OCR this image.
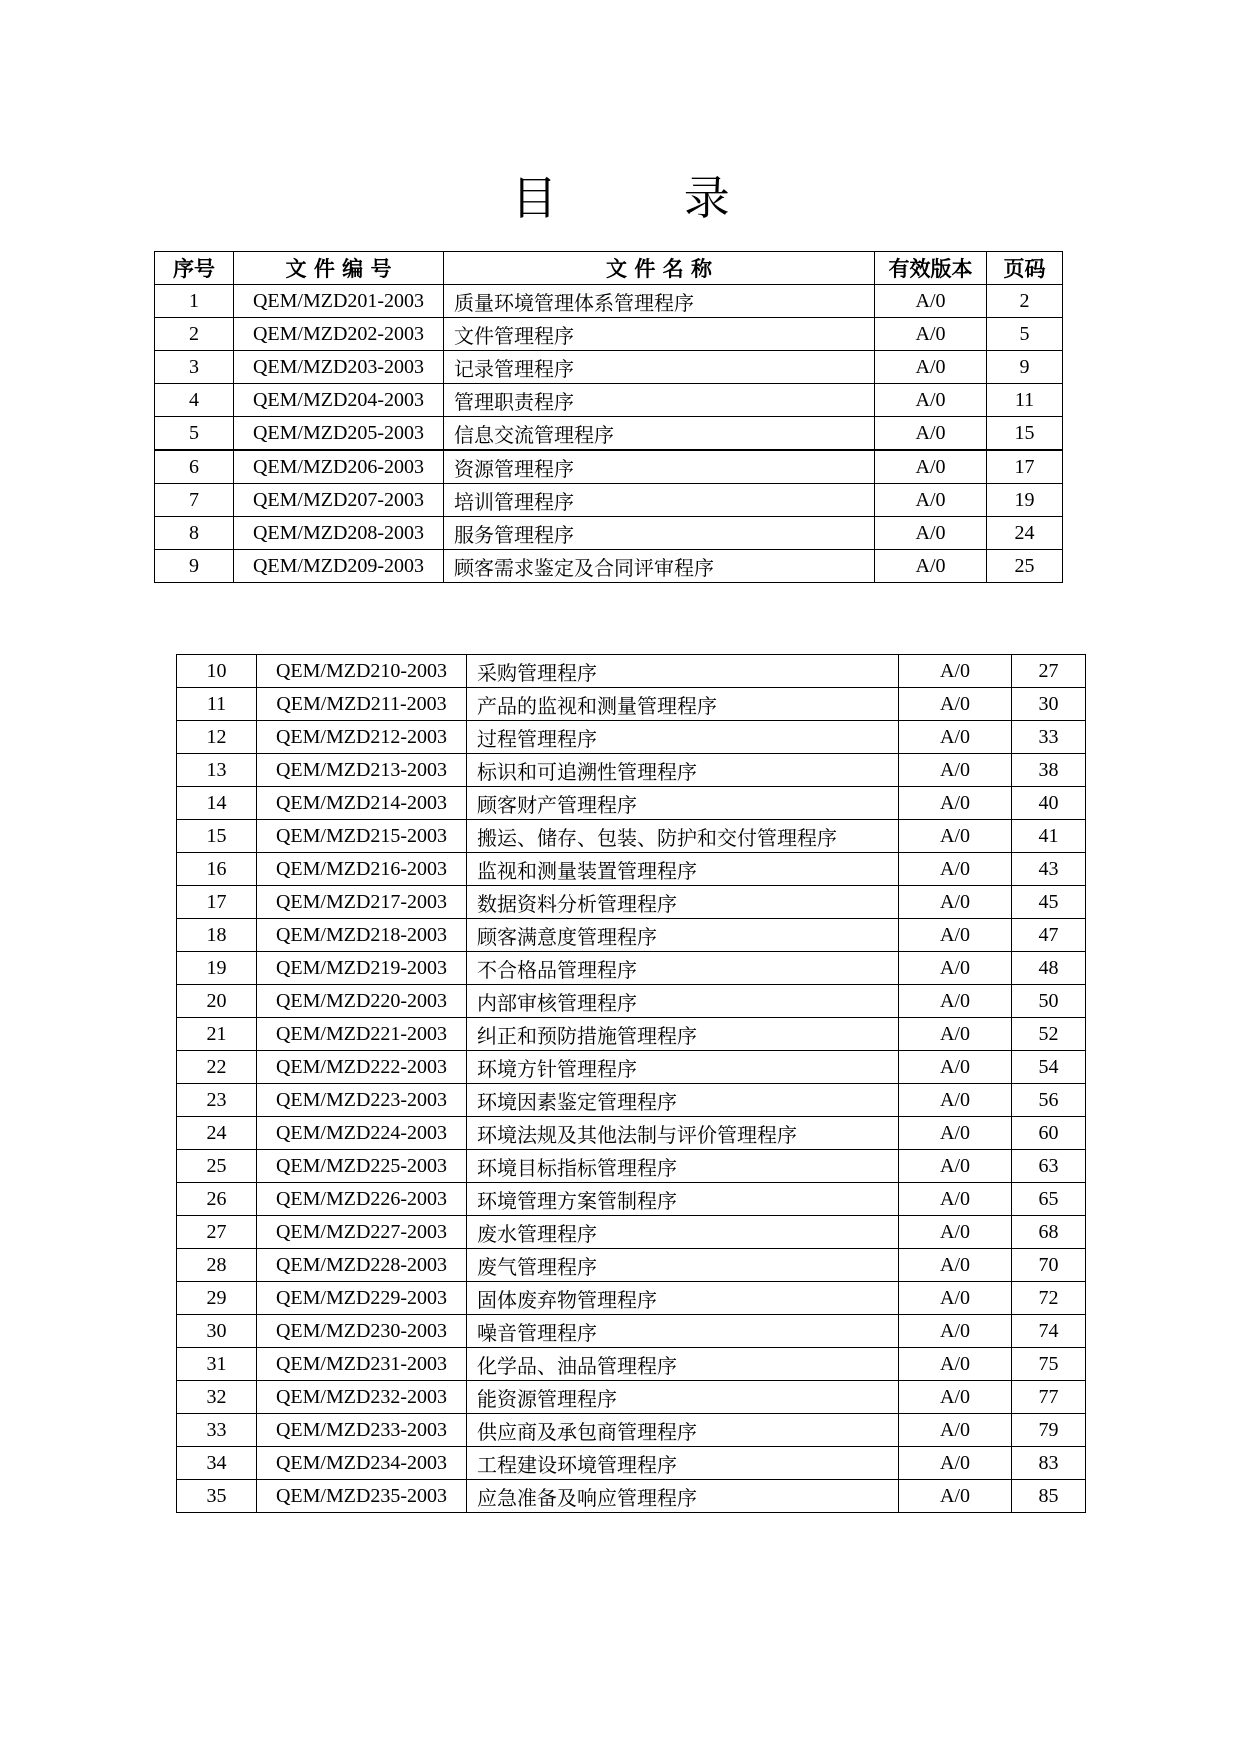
目 录
序号	文 件 编 号	文 件 名 称	有效版本	页码
1	QEM/MZD201-2003	质量环境管理体系管理程序	A/0	2
2	QEM/MZD202-2003	文件管理程序	A/0	5
3	QEM/MZD203-2003	记录管理程序	A/0	9
4	QEM/MZD204-2003	管理职责程序	A/0	11
5	QEM/MZD205-2003	信息交流管理程序	A/0	15
6	QEM/MZD206-2003	资源管理程序	A/0	17
7	QEM/MZD207-2003	培训管理程序	A/0	19
8	QEM/MZD208-2003	服务管理程序	A/0	24
9	QEM/MZD209-2003	顾客需求鉴定及合同评审程序	A/0	25
10	QEM/MZD210-2003	采购管理程序	A/0	27
11	QEM/MZD211-2003	产品的监视和测量管理程序	A/0	30
12	QEM/MZD212-2003	过程管理程序	A/0	33
13	QEM/MZD213-2003	标识和可追溯性管理程序	A/0	38
14	QEM/MZD214-2003	顾客财产管理程序	A/0	40
15	QEM/MZD215-2003	搬运、储存、包装、防护和交付管理程序	A/0	41
16	QEM/MZD216-2003	监视和测量装置管理程序	A/0	43
17	QEM/MZD217-2003	数据资料分析管理程序	A/0	45
18	QEM/MZD218-2003	顾客满意度管理程序	A/0	47
19	QEM/MZD219-2003	不合格品管理程序	A/0	48
20	QEM/MZD220-2003	内部审核管理程序	A/0	50
21	QEM/MZD221-2003	纠正和预防措施管理程序	A/0	52
22	QEM/MZD222-2003	环境方针管理程序	A/0	54
23	QEM/MZD223-2003	环境因素鉴定管理程序	A/0	56
24	QEM/MZD224-2003	环境法规及其他法制与评价管理程序	A/0	60
25	QEM/MZD225-2003	环境目标指标管理程序	A/0	63
26	QEM/MZD226-2003	环境管理方案管制程序	A/0	65
27	QEM/MZD227-2003	废水管理程序	A/0	68
28	QEM/MZD228-2003	废气管理程序	A/0	70
29	QEM/MZD229-2003	固体废弃物管理程序	A/0	72
30	QEM/MZD230-2003	噪音管理程序	A/0	74
31	QEM/MZD231-2003	化学品、油品管理程序	A/0	75
32	QEM/MZD232-2003	能资源管理程序	A/0	77
33	QEM/MZD233-2003	供应商及承包商管理程序	A/0	79
34	QEM/MZD234-2003	工程建设环境管理程序	A/0	83
35	QEM/MZD235-2003	应急准备及响应管理程序	A/0	85
